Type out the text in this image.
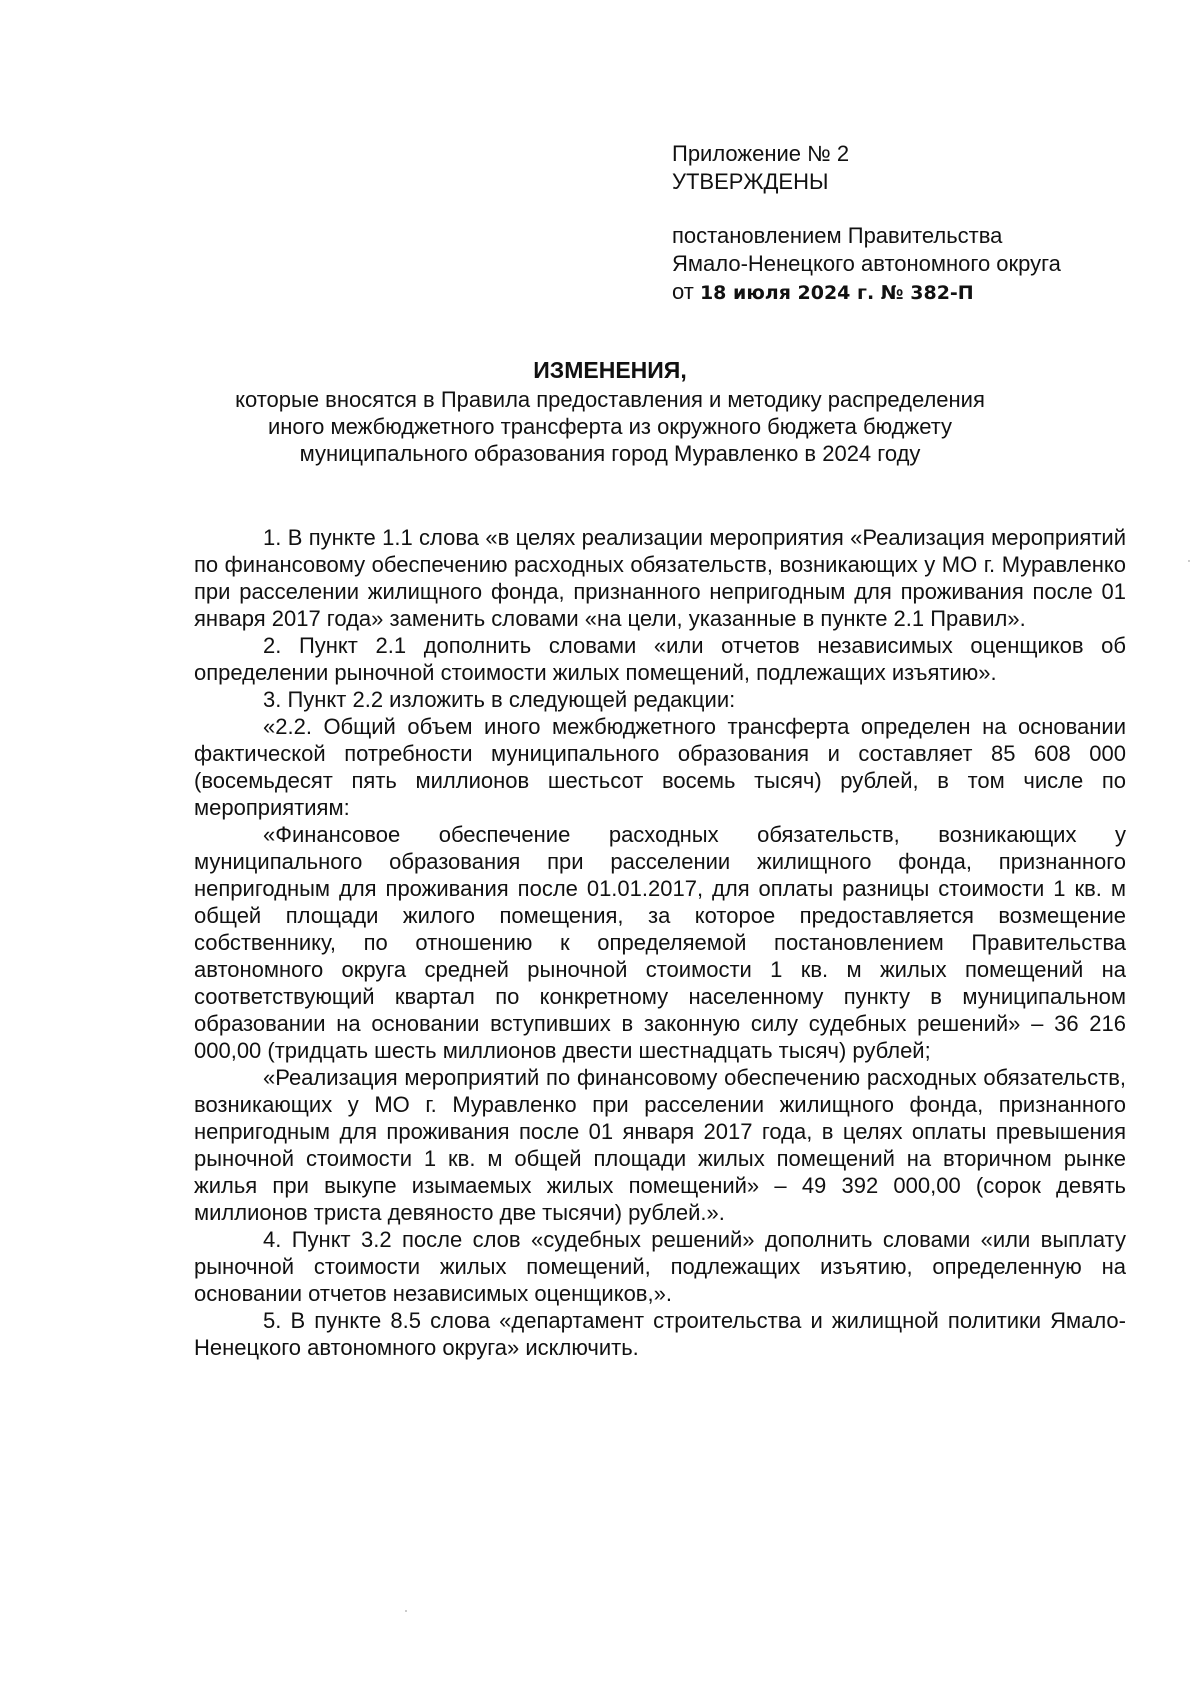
Приложение № 2
УТВЕРЖДЕНЫ
постановлением Правительства
Ямало-Ненецкого автономного округа
от 18 июля 2024 г. № 382-П
ИЗМЕНЕНИЯ,
которые вносятся в Правила предоставления и методику распределения
иного межбюджетного трансферта из окружного бюджета бюджету
муниципального образования город Муравленко в 2024 году

1. В пункте 1.1 слова «в целях реализации мероприятия «Реализация мероприятий по финансовому обеспечению расходных обязательств, возникающих у МО г. Муравленко при расселении жилищного фонда, признанного непригодным для проживания после 01 января 2017 года» заменить словами «на цели, указанные в пункте 2.1 Правил».

2. Пункт 2.1 дополнить словами «или отчетов независимых оценщиков об определении рыночной стоимости жилых помещений, подлежащих изъятию».

3. Пункт 2.2 изложить в следующей редакции:

«2.2. Общий объем иного межбюджетного трансферта определен на основании фактической потребности муниципального образования и составляет 85 608 000 (восемьдесят пять миллионов шестьсот восемь тысяч) рублей, в том числе по мероприятиям:

«Финансовое обеспечение расходных обязательств, возникающих у муниципального образования при расселении жилищного фонда, признанного непригодным для проживания после 01.01.2017, для оплаты разницы стоимости 1 кв. м общей площади жилого помещения, за которое предоставляется возмещение собственнику, по отношению к определяемой постановлением Правительства автономного округа средней рыночной стоимости 1 кв. м жилых помещений на соответствующий квартал по конкретному населенному пункту в муниципальном образовании на основании вступивших в законную силу судебных решений» – 36 216 000,00 (тридцать шесть миллионов двести шестнадцать тысяч) рублей;

«Реализация мероприятий по финансовому обеспечению расходных обязательств, возникающих у МО г. Муравленко при расселении жилищного фонда, признанного непригодным для проживания после 01 января 2017 года, в целях оплаты превышения рыночной стоимости 1 кв. м общей площади жилых помещений на вторичном рынке жилья при выкупе изымаемых жилых помещений» – 49 392 000,00 (сорок девять миллионов триста девяносто две тысячи) рублей.».

4. Пункт 3.2 после слов «судебных решений» дополнить словами «или выплату рыночной стоимости жилых помещений, подлежащих изъятию, определенную на основании отчетов независимых оценщиков,».

5. В пункте 8.5 слова «департамент строительства и жилищной политики Ямало-Ненецкого автономного округа» исключить.
